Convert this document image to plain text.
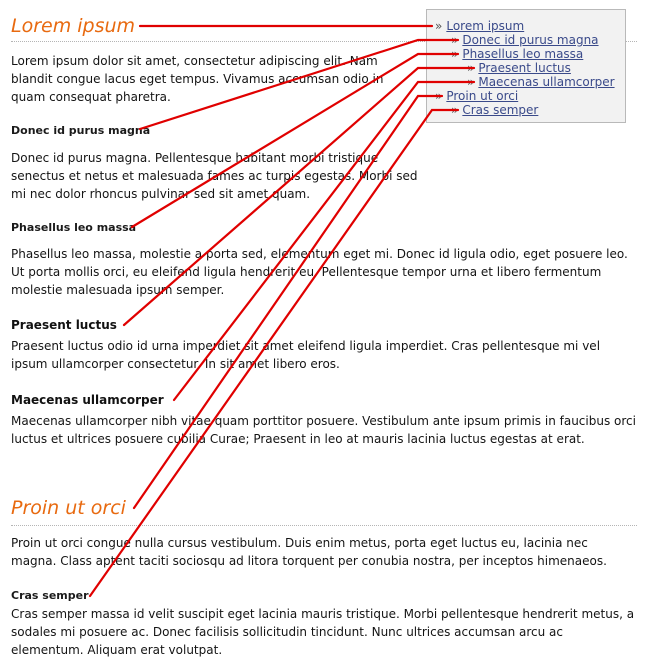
Lorem ipsum

Lorem ipsum dolor sit amet, consectetur adipiscing elit. Nam blandit congue lacus eget tempus. Vivamus accumsan odio in quam consequat pharetra.

Donec id purus magna

Donec id purus magna. Pellentesque habitant morbi tristique senectus et netus et malesuada fames ac turpis egestas. Morbi sed mi nec dolor rhoncus pulvinar sed sit amet quam.

Phasellus leo massa

Phasellus leo massa, molestie a porta sed, elementum eget mi. Donec id ligula odio, eget posuere leo. Ut porta mollis orci, eu eleifend ligula hendrerit eu. Pellentesque tempor urna et libero fermentum molestie malesuada ipsum semper.

Praesent luctus

Praesent luctus odio id urna imperdiet sit amet eleifend ligula imperdiet. Cras pellentesque mi vel ipsum ullamcorper consectetur. In sit amet libero eros.

Maecenas ullamcorper

Maecenas ullamcorper nibh vitae quam porttitor posuere. Vestibulum ante ipsum primis in faucibus orci luctus et ultrices posuere cubilia Curae; Praesent in leo at mauris lacinia luctus egestas at erat.

Proin ut orci

Proin ut orci congue nulla cursus vestibulum. Duis enim metus, porta eget luctus eu, lacinia nec magna. Class aptent taciti sociosqu ad litora torquent per conubia nostra, per inceptos himenaeos.

Cras semper

Cras semper massa id velit suscipit eget lacinia mauris tristique. Morbi pellentesque hendrerit metus, a sodales mi posuere ac. Donec facilisis sollicitudin tincidunt. Nunc ultrices accumsan arcu ac elementum. Aliquam erat volutpat.

» Lorem ipsum
» Donec id purus magna
» Phasellus leo massa
» Praesent luctus
» Maecenas ullamcorper
» Proin ut orci
» Cras semper
